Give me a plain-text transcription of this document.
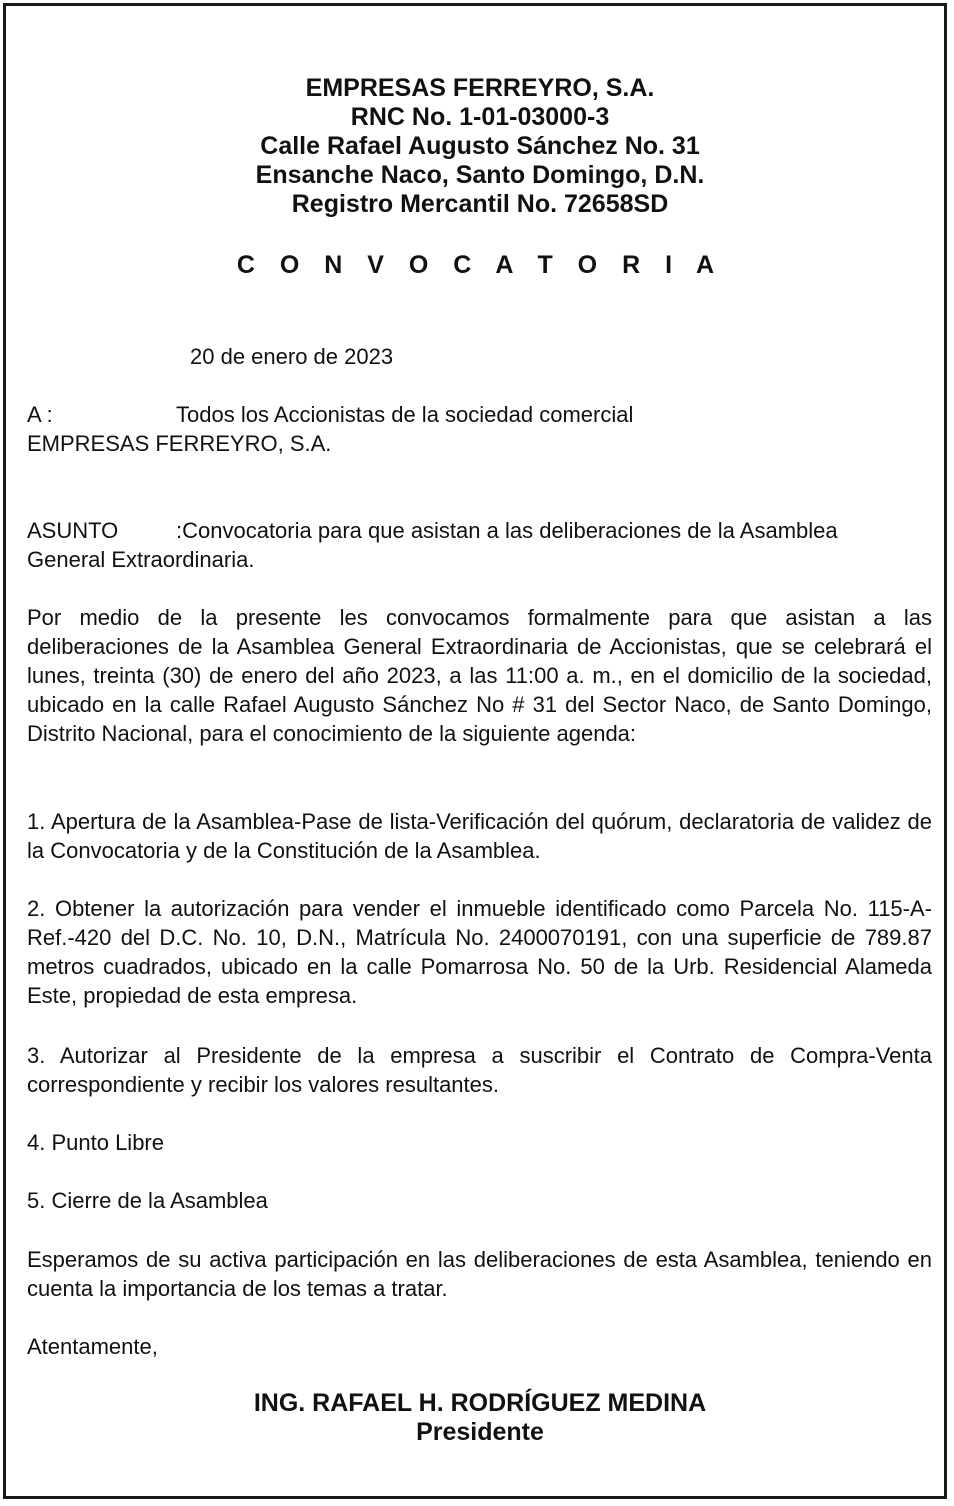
EMPRESAS FERREYRO, S.A.
RNC No. 1-01-03000-3
Calle Rafael Augusto Sánchez No. 31
Ensanche Naco, Santo Domingo, D.N.
Registro Mercantil No. 72658SD
C O N V O C A T O R I A
20 de enero de 2023
A :	Todos los Accionistas de la sociedad comercial
EMPRESAS FERREYRO, S.A.
ASUNTO	:Convocatoria para que asistan a las deliberaciones de la Asamblea
General Extraordinaria.
Por medio de la presente les convocamos formalmente para que asistan a las deliberaciones de la Asamblea General Extraordinaria de Accionistas, que se celebrará el lunes, treinta (30) de enero del año 2023, a las 11:00 a. m., en el domicilio de la sociedad, ubicado en la calle Rafael Augusto Sánchez No # 31 del Sector Naco, de Santo Domingo, Distrito Nacional, para el conocimiento de la siguiente agenda:
1. Apertura de la Asamblea-Pase de lista-Verificación del quórum, declaratoria de validez de la Convocatoria y de la Constitución de la Asamblea.
2. Obtener la autorización para vender el inmueble identificado como Parcela No. 115-A-Ref.-420 del D.C. No. 10, D.N., Matrícula No. 2400070191, con una superficie de 789.87 metros cuadrados, ubicado en la calle Pomarrosa No. 50 de la Urb. Residencial Alameda Este, propiedad de esta empresa.
3. Autorizar al Presidente de la empresa a suscribir el Contrato de Compra-Venta correspondiente y recibir los valores resultantes.
4. Punto Libre
5. Cierre de la Asamblea
Esperamos de su activa participación en las deliberaciones de esta Asamblea, teniendo en cuenta la importancia de los temas a tratar.
Atentamente,
ING. RAFAEL H. RODRÍGUEZ MEDINA
Presidente
